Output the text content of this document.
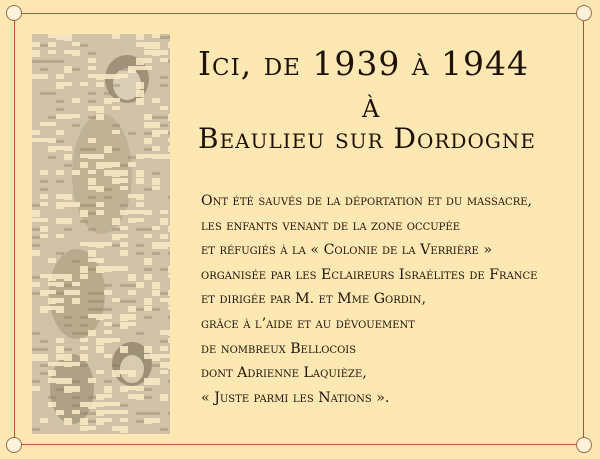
Ici, de 1939 à 1944
À
Beaulieu sur Dordogne
Ont été sauvés de la déportation et du massacre,
les enfants venant de la zone occupée
et réfugiés à la « Colonie de la Verrière »
organisée par les Eclaireurs Israélites de France
et dirigée par M. et Mme Gordin,
grâce à l’aide et au dévouement
de nombreux Bellocois
dont Adrienne Laquièze,
« Juste parmi les Nations ».
